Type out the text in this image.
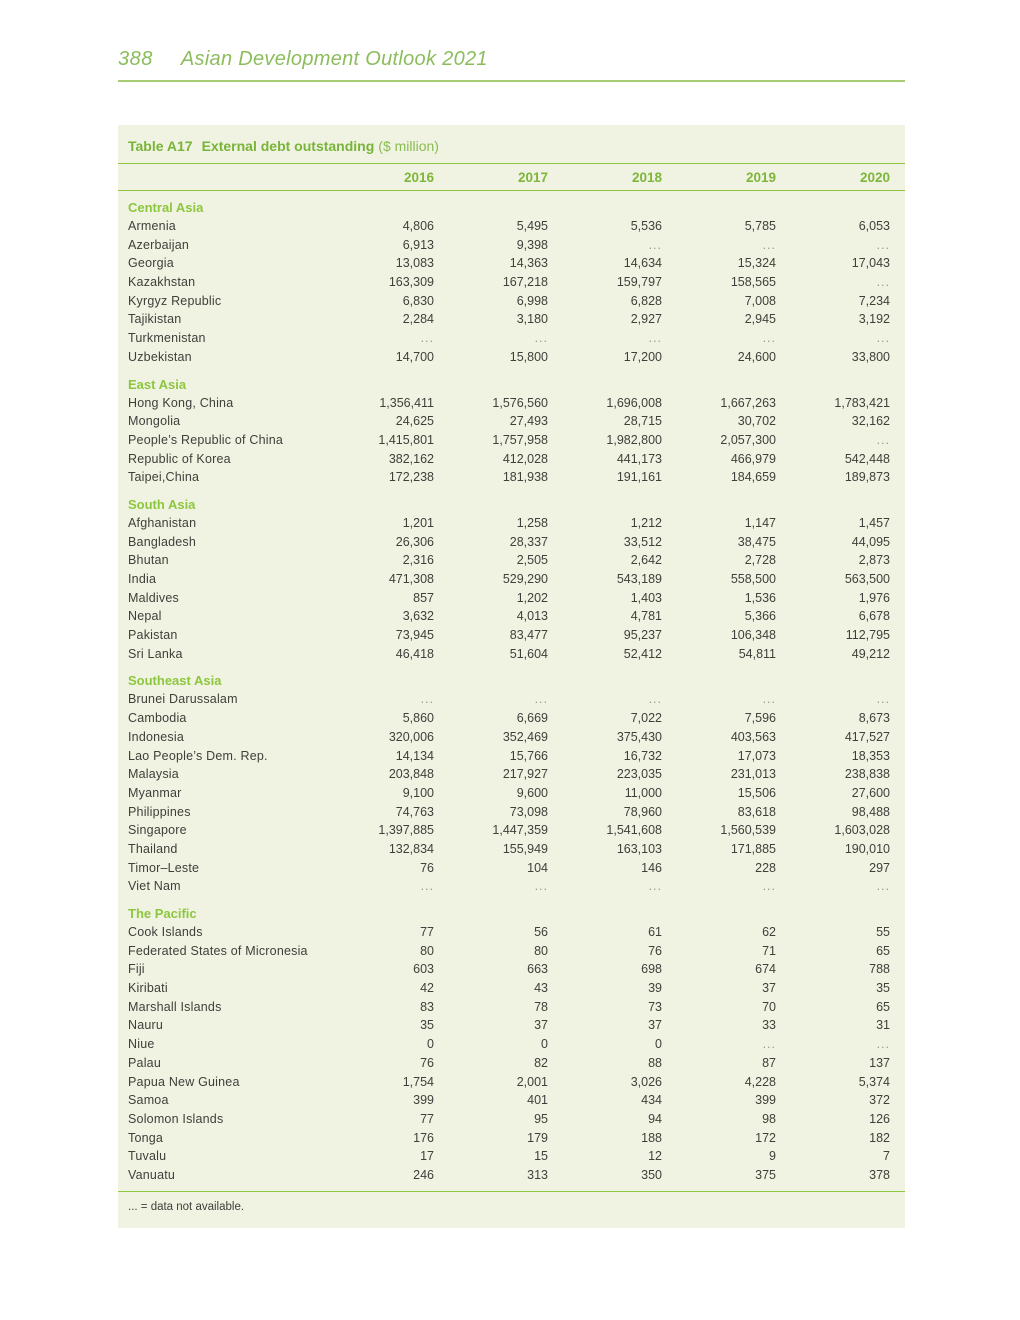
388 Asian Development Outlook 2021
Table A17 External debt outstanding ($ million)
2016	2017	2018	2019	2020
Central Asia
Armenia	4,806	5,495	5,536	5,785	6,053
Azerbaijan	6,913	9,398	...	...	...
Georgia	13,083	14,363	14,634	15,324	17,043
Kazakhstan	163,309	167,218	159,797	158,565	...
Kyrgyz Republic	6,830	6,998	6,828	7,008	7,234
Tajikistan	2,284	3,180	2,927	2,945	3,192
Turkmenistan	...	...	...	...	...
Uzbekistan	14,700	15,800	17,200	24,600	33,800
East Asia
Hong Kong, China	1,356,411	1,576,560	1,696,008	1,667,263	1,783,421
Mongolia	24,625	27,493	28,715	30,702	32,162
People’s Republic of China	1,415,801	1,757,958	1,982,800	2,057,300	...
Republic of Korea	382,162	412,028	441,173	466,979	542,448
Taipei,China	172,238	181,938	191,161	184,659	189,873
South Asia
Afghanistan	1,201	1,258	1,212	1,147	1,457
Bangladesh	26,306	28,337	33,512	38,475	44,095
Bhutan	2,316	2,505	2,642	2,728	2,873
India	471,308	529,290	543,189	558,500	563,500
Maldives	857	1,202	1,403	1,536	1,976
Nepal	3,632	4,013	4,781	5,366	6,678
Pakistan	73,945	83,477	95,237	106,348	112,795
Sri Lanka	46,418	51,604	52,412	54,811	49,212
Southeast Asia
Brunei Darussalam	...	...	...	...	...
Cambodia	5,860	6,669	7,022	7,596	8,673
Indonesia	320,006	352,469	375,430	403,563	417,527
Lao People’s Dem. Rep.	14,134	15,766	16,732	17,073	18,353
Malaysia	203,848	217,927	223,035	231,013	238,838
Myanmar	9,100	9,600	11,000	15,506	27,600
Philippines	74,763	73,098	78,960	83,618	98,488
Singapore	1,397,885	1,447,359	1,541,608	1,560,539	1,603,028
Thailand	132,834	155,949	163,103	171,885	190,010
Timor–Leste	76	104	146	228	297
Viet Nam	...	...	...	...	...
The Pacific
Cook Islands	77	56	61	62	55
Federated States of Micronesia	80	80	76	71	65
Fiji	603	663	698	674	788
Kiribati	42	43	39	37	35
Marshall Islands	83	78	73	70	65
Nauru	35	37	37	33	31
Niue	0	0	0	...	...
Palau	76	82	88	87	137
Papua New Guinea	1,754	2,001	3,026	4,228	5,374
Samoa	399	401	434	399	372
Solomon Islands	77	95	94	98	126
Tonga	176	179	188	172	182
Tuvalu	17	15	12	9	7
Vanuatu	246	313	350	375	378
... = data not available.
